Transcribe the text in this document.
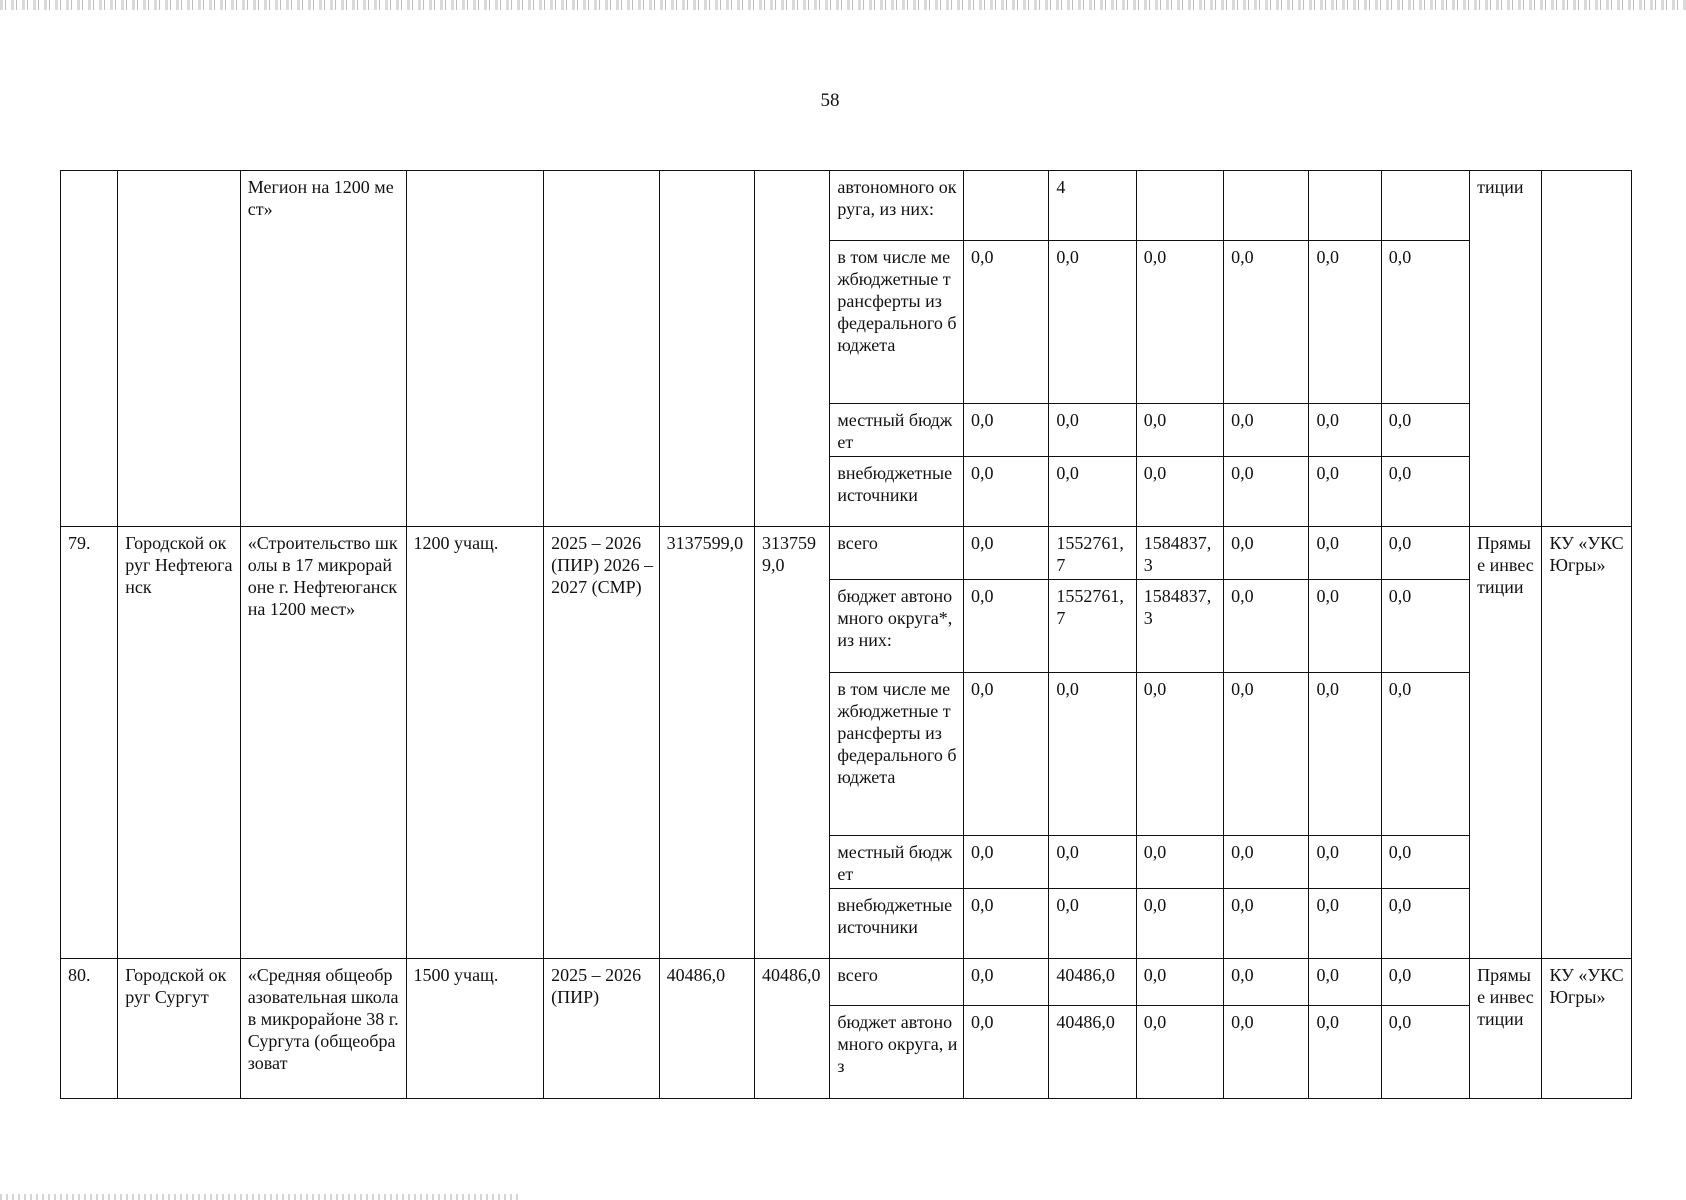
58
		Мегион на 1200 мест»					автономного округа, из них:		4					тиции	
							в том числе межбюджетные трансферты из федерального бюджета	0,0	0,0	0,0	0,0	0,0	0,0		
							местный бюджет	0,0	0,0	0,0	0,0	0,0	0,0		
							внебюджетные источники	0,0	0,0	0,0	0,0	0,0	0,0		
79.	Городской округ Нефтеюганск	«Строительство школы в 17 микрорайоне г. Нефтеюганск на 1200 мест»	1200 учащ.	2025 – 2026 (ПИР) 2026 – 2027 (СМР)	3137599,0	3137599,0	всего	0,0	1552761,7	1584837,3	0,0	0,0	0,0	Прямые инвестиции	КУ «УКС Югры»
							бюджет автономного округа*, из них:	0,0	1552761,7	1584837,3	0,0	0,0	0,0		
							в том числе межбюджетные трансферты из федерального бюджета	0,0	0,0	0,0	0,0	0,0	0,0		
							местный бюджет	0,0	0,0	0,0	0,0	0,0	0,0		
							внебюджетные источники	0,0	0,0	0,0	0,0	0,0	0,0		
80.	Городской округ Сургут	«Средняя общеобразовательная школа в микрорайоне 38 г. Сургута (общеобразоват	1500 учащ.	2025 – 2026 (ПИР)	40486,0	40486,0	всего	0,0	40486,0	0,0	0,0	0,0	0,0	Прямые инвестиции	КУ «УКС Югры»
							бюджет автономного округа, из	0,0	40486,0	0,0	0,0	0,0	0,0		
